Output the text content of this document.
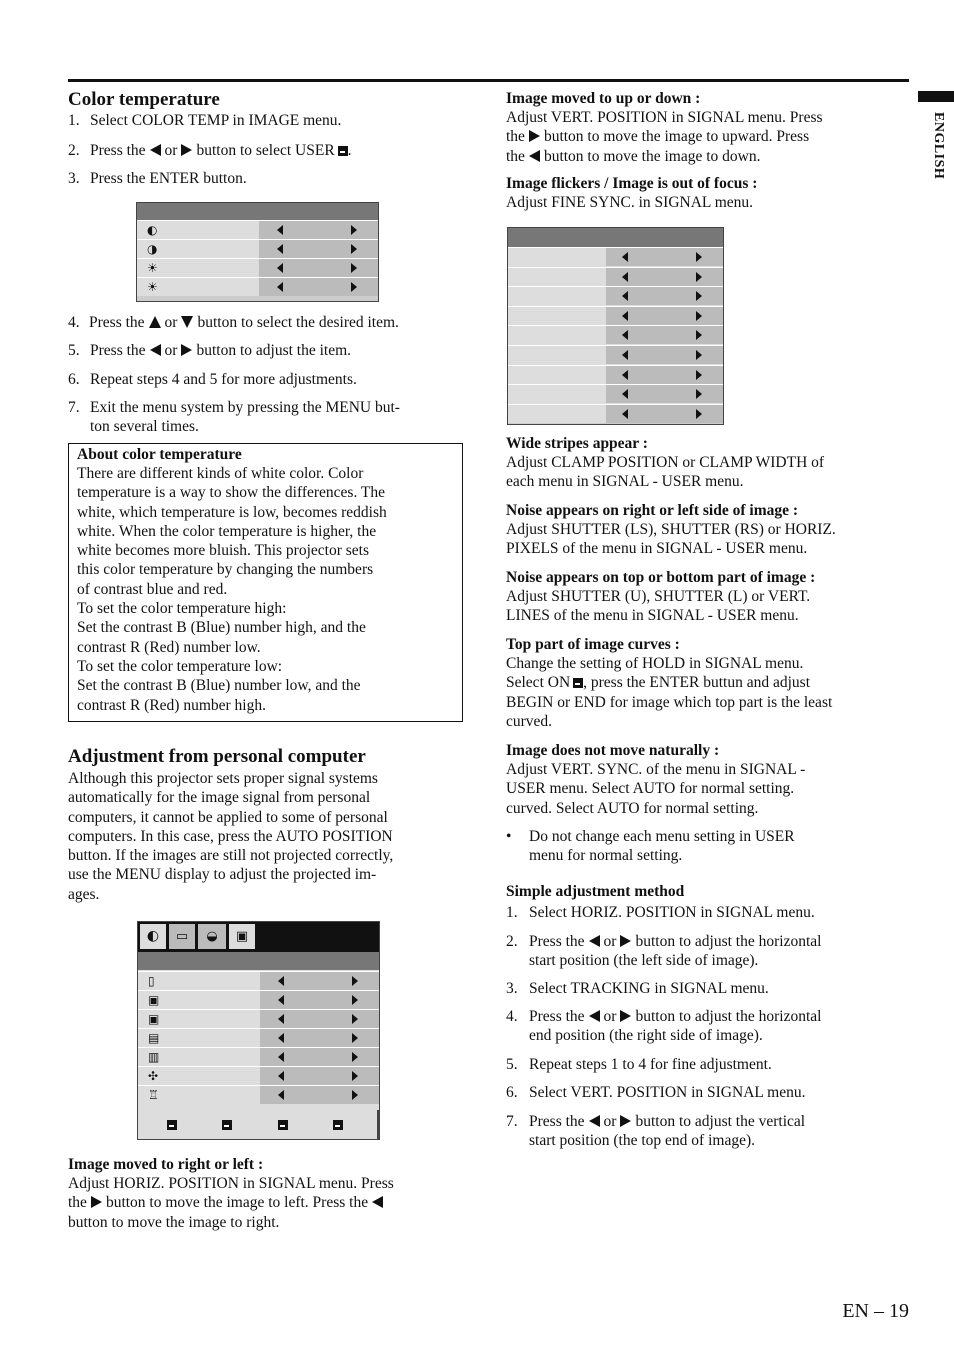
ENGLISH
Color temperature
1. Select COLOR TEMP in IMAGE menu.
2. Press the or button to select USER .
3. Press the ENTER button.
◐
◑
☀
☀
4. Press the or button to select the desired item.
5. Press the or button to adjust the item.
6. Repeat steps 4 and 5 for more adjustments.
7. Exit the menu system by pressing the MENU but-
ton several times.
About color temperature
There are different kinds of white color. Color
temperature is a way to show the differences. The
white, which temperature is low, becomes reddish
white. When the color temperature is higher, the
white becomes more bluish. This projector sets
this color temperature by changing the numbers
of contrast blue and red.
To set the color temperature high:
Set the contrast B (Blue) number high, and the
contrast R (Red) number low.
To set the color temperature low:
Set the contrast B (Blue) number low, and the
contrast R (Red) number high.
Adjustment from personal computer
Although this projector sets proper signal systems
automatically for the image signal from personal
computers, it cannot be applied to some of personal
computers. In this case, press the AUTO POSITION
button. If the images are still not projected correctly,
use the MENU display to adjust the projected im-
ages.
◐	▭	◒	▣
▯
▣
▣
▤
▥
✣
♖
Image moved to right or left :
Adjust HORIZ. POSITION in SIGNAL menu. Press
the button to move the image to left. Press the
button to move the image to right.
Image moved to up or down :
Adjust VERT. POSITION in SIGNAL menu. Press
the button to move the image to upward. Press
the button to move the image to down.
Image flickers / Image is out of focus :
Adjust FINE SYNC. in SIGNAL menu.
Wide stripes appear :
Adjust CLAMP POSITION or CLAMP WIDTH of
each menu in SIGNAL - USER menu.
Noise appears on right or left side of image :
Adjust SHUTTER (LS), SHUTTER (RS) or HORIZ.
PIXELS of the menu in SIGNAL - USER menu.
Noise appears on top or bottom part of image :
Adjust SHUTTER (U), SHUTTER (L) or VERT.
LINES of the menu in SIGNAL - USER menu.
Top part of image curves :
Change the setting of HOLD in SIGNAL menu.
Select ON , press the ENTER buttun and adjust
BEGIN or END for image which top part is the least
curved.
Image does not move naturally :
Adjust VERT. SYNC. of the menu in SIGNAL -
USER menu. Select AUTO for normal setting.
curved. Select AUTO for normal setting.
• Do not change each menu setting in USER
menu for normal setting.
Simple adjustment method
1. Select HORIZ. POSITION in SIGNAL menu.
2. Press the or button to adjust the horizontal
start position (the left side of image).
3. Select TRACKING in SIGNAL menu.
4. Press the or button to adjust the horizontal
end position (the right side of image).
5. Repeat steps 1 to 4 for fine adjustment.
6. Select VERT. POSITION in SIGNAL menu.
7. Press the or button to adjust the vertical
start position (the top end of image).
EN – 19
